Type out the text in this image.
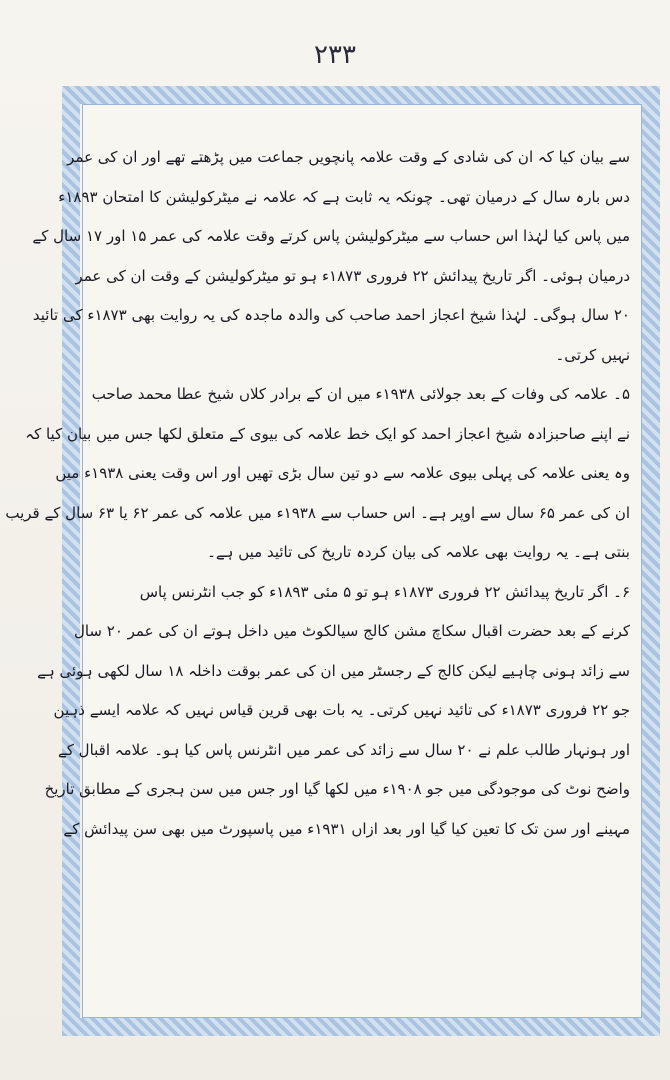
۲۳۳
سے بیان کیا کہ ان کی شادی کے وقت علامہ پانچویں جماعت میں پڑھتے تھے اور ان کی عمر
دس بارہ سال کے درمیان تھی۔ چونکہ یہ ثابت ہے کہ علامہ نے میٹرکولیشن کا امتحان ۱۸۹۳ء
میں پاس کیا لہٰذا اس حساب سے میٹرکولیشن پاس کرتے وقت علامہ کی عمر ۱۵ اور ۱۷ سال کے
درمیان ہوئی۔ اگر تاریخ پیدائش ۲۲ فروری ۱۸۷۳ء ہو تو میٹرکولیشن کے وقت ان کی عمر
۲۰ سال ہوگی۔ لہٰذا شیخ اعجاز احمد صاحب کی والدہ ماجدہ کی یہ روایت بھی ۱۸۷۳ء کی تائید
نہیں کرتی۔
۵۔ علامہ کی وفات کے بعد جولائی ۱۹۳۸ء میں ان کے برادر کلاں شیخ عطا محمد صاحب
نے اپنے صاحبزادہ شیخ اعجاز احمد کو ایک خط علامہ کی بیوی کے متعلق لکھا جس میں بیان کیا کہ
وہ یعنی علامہ کی پہلی بیوی علامہ سے دو تین سال بڑی تھیں اور اس وقت یعنی ۱۹۳۸ء میں
ان کی عمر ۶۵ سال سے اوپر ہے۔ اس حساب سے ۱۹۳۸ء میں علامہ کی عمر ۶۲ یا ۶۳ سال کے قریب
بنتی ہے۔ یہ روایت بھی علامہ کی بیان کردہ تاریخ کی تائید میں ہے۔
۶۔ اگر تاریخ پیدائش ۲۲ فروری ۱۸۷۳ء ہو تو ۵ مئی ۱۸۹۳ء کو جب انٹرنس پاس
کرنے کے بعد حضرت اقبال سکاچ مشن کالج سیالکوٹ میں داخل ہوتے ان کی عمر ۲۰ سال
سے زائد ہونی چاہیے لیکن کالج کے رجسٹر میں ان کی عمر بوقت داخلہ ۱۸ سال لکھی ہوئی ہے
جو ۲۲ فروری ۱۸۷۳ء کی تائید نہیں کرتی۔ یہ بات بھی قرین قیاس نہیں کہ علامہ ایسے ذہین
اور ہونہار طالب علم نے ۲۰ سال سے زائد کی عمر میں انٹرنس پاس کیا ہو۔ علامہ اقبال کے
واضح نوٹ کی موجودگی میں جو ۱۹۰۸ء میں لکھا گیا اور جس میں سن ہجری کے مطابق تاریخ
مہینے اور سن تک کا تعین کیا گیا اور بعد ازاں ۱۹۳۱ء میں پاسپورٹ میں بھی سن پیدائش کے
